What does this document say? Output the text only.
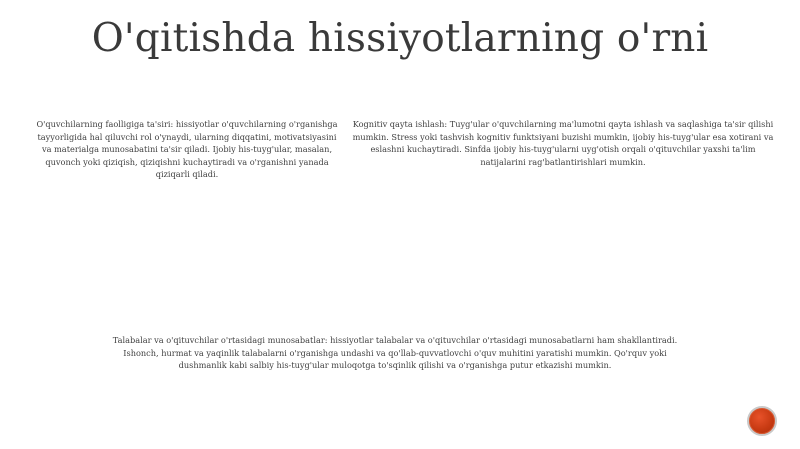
O'qitishda hissiyotlarning o'rni
O'quvchilarning faolligiga ta'siri: hissiyotlar o'quvchilarning o'rganishga tayyorligida hal qiluvchi rol o'ynaydi, ularning diqqatini, motivatsiyasini va materialga munosabatini ta'sir qiladi. Ijobiy his-tuyg'ular, masalan, quvonch yoki qiziqish, qiziqishni kuchaytiradi va o'rganishni yanada qiziqarli qiladi.
Kognitiv qayta ishlash: Tuyg'ular o'quvchilarning ma'lumotni qayta ishlash va saqlashiga ta'sir qilishi mumkin. Stress yoki tashvish kognitiv funktsiyani buzishi mumkin, ijobiy his-tuyg'ular esa xotirani va eslashni kuchaytiradi. Sinfda ijobiy his-tuyg'ularni uyg'otish orqali o'qituvchilar yaxshi ta'lim natijalarini rag'batlantirishlari mumkin.
Talabalar va o'qituvchilar o'rtasidagi munosabatlar: hissiyotlar talabalar va o'qituvchilar o'rtasidagi munosabatlarni ham shakllantiradi. Ishonch, hurmat va yaqinlik talabalarni o'rganishga undashi va qo'llab-quvvatlovchi o'quv muhitini yaratishi mumkin. Qo'rquv yoki dushmanlik kabi salbiy his-tuyg'ular muloqotga to'sqinlik qilishi va o'rganishga putur etkazishi mumkin.
